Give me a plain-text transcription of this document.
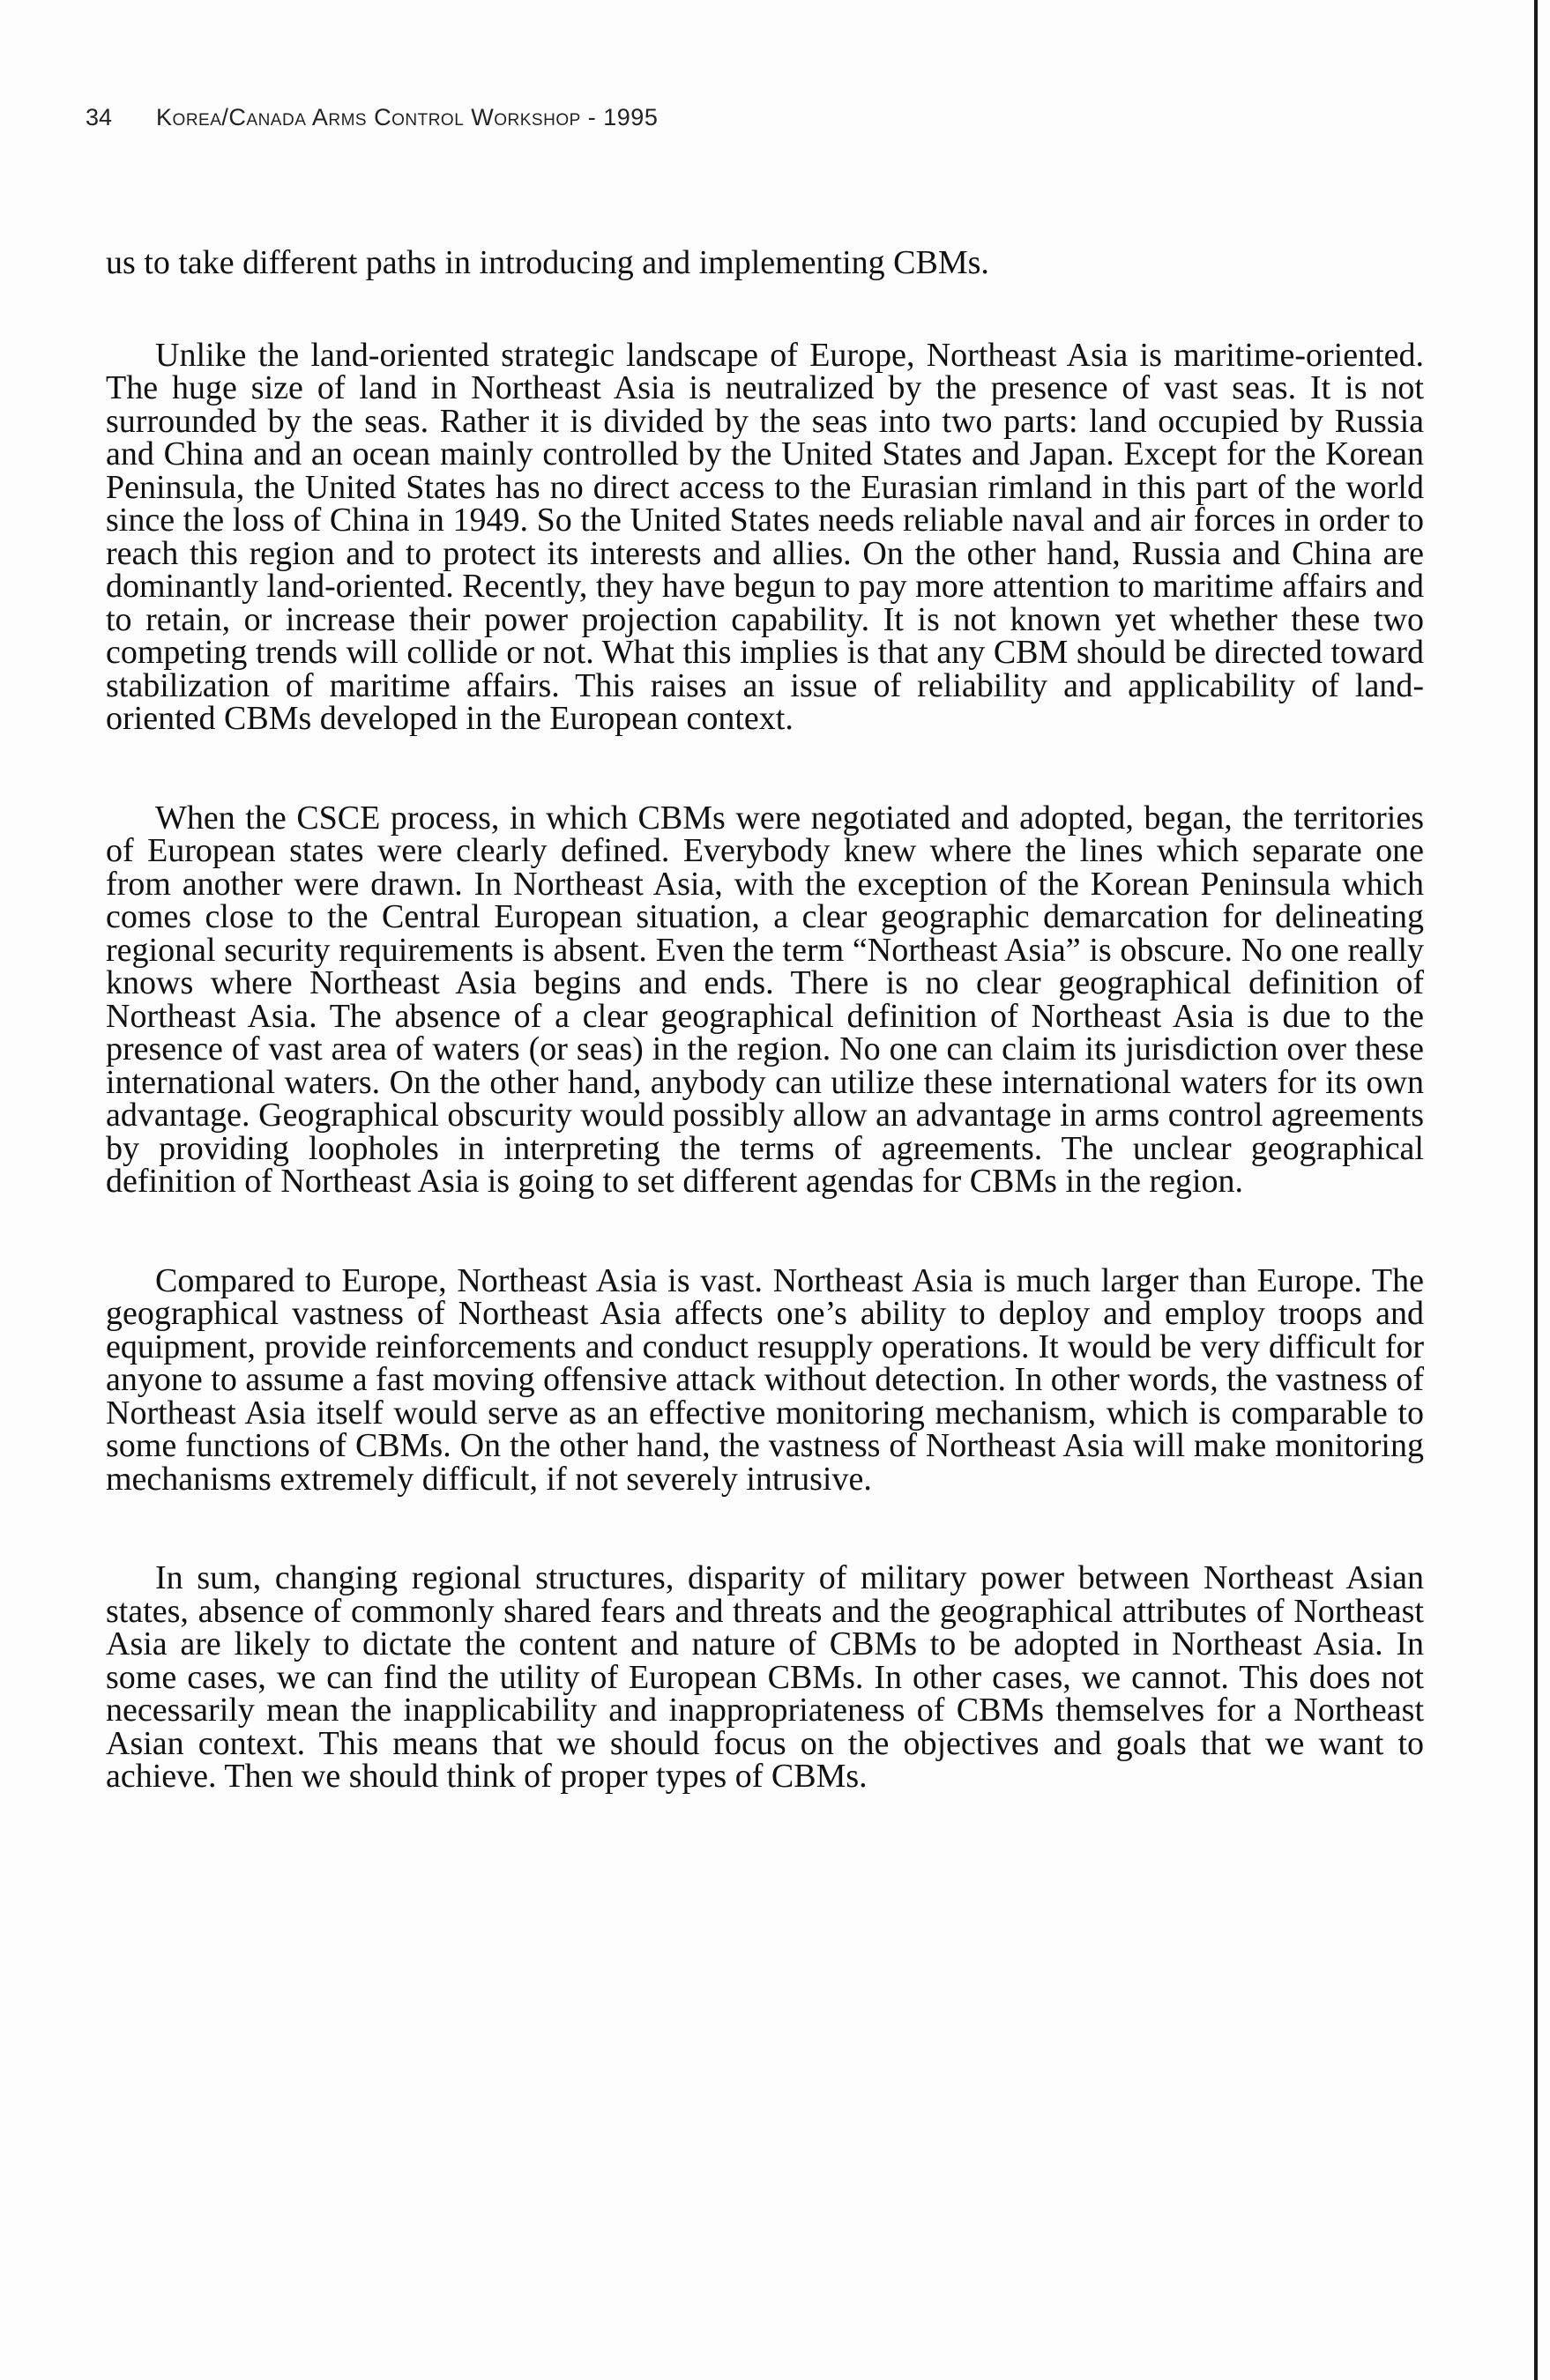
34 Korea/Canada Arms Control Workshop - 1995

us to take different paths in introducing and implementing CBMs.

Unlike the land-oriented strategic landscape of Europe, Northeast Asia is maritime-oriented. The huge size of land in Northeast Asia is neutralized by the presence of vast seas. It is not surrounded by the seas. Rather it is divided by the seas into two parts: land occupied by Russia and China and an ocean mainly controlled by the United States and Japan. Except for the Korean Peninsula, the United States has no direct access to the Eurasian rimland in this part of the world since the loss of China in 1949. So the United States needs reliable naval and air forces in order to reach this region and to protect its interests and allies. On the other hand, Russia and China are dominantly land-oriented. Recently, they have begun to pay more attention to maritime affairs and to retain, or increase their power projection capability. It is not known yet whether these two competing trends will collide or not. What this implies is that any CBM should be directed toward stabilization of maritime affairs. This raises an issue of reliability and applicability of land-oriented CBMs developed in the European context.

When the CSCE process, in which CBMs were negotiated and adopted, began, the territories of European states were clearly defined. Everybody knew where the lines which separate one from another were drawn. In Northeast Asia, with the exception of the Korean Peninsula which comes close to the Central European situation, a clear geographic demarcation for delineating regional security requirements is absent. Even the term “Northeast Asia” is obscure. No one really knows where Northeast Asia begins and ends. There is no clear geographical definition of Northeast Asia. The absence of a clear geographical definition of Northeast Asia is due to the presence of vast area of waters (or seas) in the region. No one can claim its jurisdiction over these international waters. On the other hand, anybody can utilize these international waters for its own advantage. Geographical obscurity would possibly allow an advantage in arms control agreements by providing loopholes in interpreting the terms of agreements. The unclear geographical definition of Northeast Asia is going to set different agendas for CBMs in the region.

Compared to Europe, Northeast Asia is vast. Northeast Asia is much larger than Europe. The geographical vastness of Northeast Asia affects one’s ability to deploy and employ troops and equipment, provide reinforcements and conduct resupply operations. It would be very difficult for anyone to assume a fast moving offensive attack without detection. In other words, the vastness of Northeast Asia itself would serve as an effective monitoring mechanism, which is comparable to some functions of CBMs. On the other hand, the vastness of Northeast Asia will make monitoring mechanisms extremely difficult, if not severely intrusive.

In sum, changing regional structures, disparity of military power between Northeast Asian states, absence of commonly shared fears and threats and the geographical attributes of Northeast Asia are likely to dictate the content and nature of CBMs to be adopted in Northeast Asia. In some cases, we can find the utility of European CBMs. In other cases, we cannot. This does not necessarily mean the inapplicability and inappropriateness of CBMs themselves for a Northeast Asian context. This means that we should focus on the objectives and goals that we want to achieve. Then we should think of proper types of CBMs.
